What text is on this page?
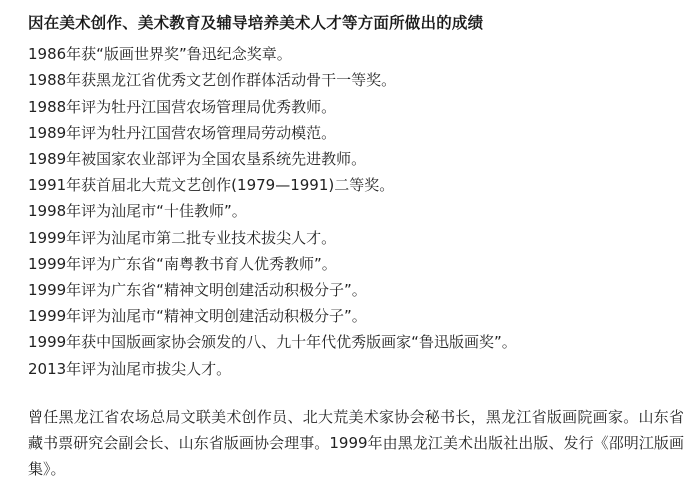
因在美术创作、美术教育及辅导培养美术人才等方面所做出的成绩
1986年获“版画世界奖”鲁迅纪念奖章。
1988年获黑龙江省优秀文艺创作群体活动骨干一等奖。
1988年评为牡丹江国营农场管理局优秀教师。
1989年评为牡丹江国营农场管理局劳动模范。
1989年被国家农业部评为全国农垦系统先进教师。
1991年获首届北大荒文艺创作(1979—1991)二等奖。
1998年评为汕尾市“十佳教师”。
1999年评为汕尾市第二批专业技术拔尖人才。
1999年评为广东省“南粤教书育人优秀教师”。
1999年评为广东省“精神文明创建活动积极分子”。
1999年评为汕尾市“精神文明创建活动积极分子”。
1999年获中国版画家协会颁发的八、九十年代优秀版画家“鲁迅版画奖”。
2013年评为汕尾市拔尖人才。

曾任黑龙江省农场总局文联美术创作员、北大荒美术家协会秘书长，黑龙江省版画院画家。山东省藏书票研究会副会长、山东省版画协会理事。1999年由黑龙江美术出版社出版、发行《邵明江版画集》。
